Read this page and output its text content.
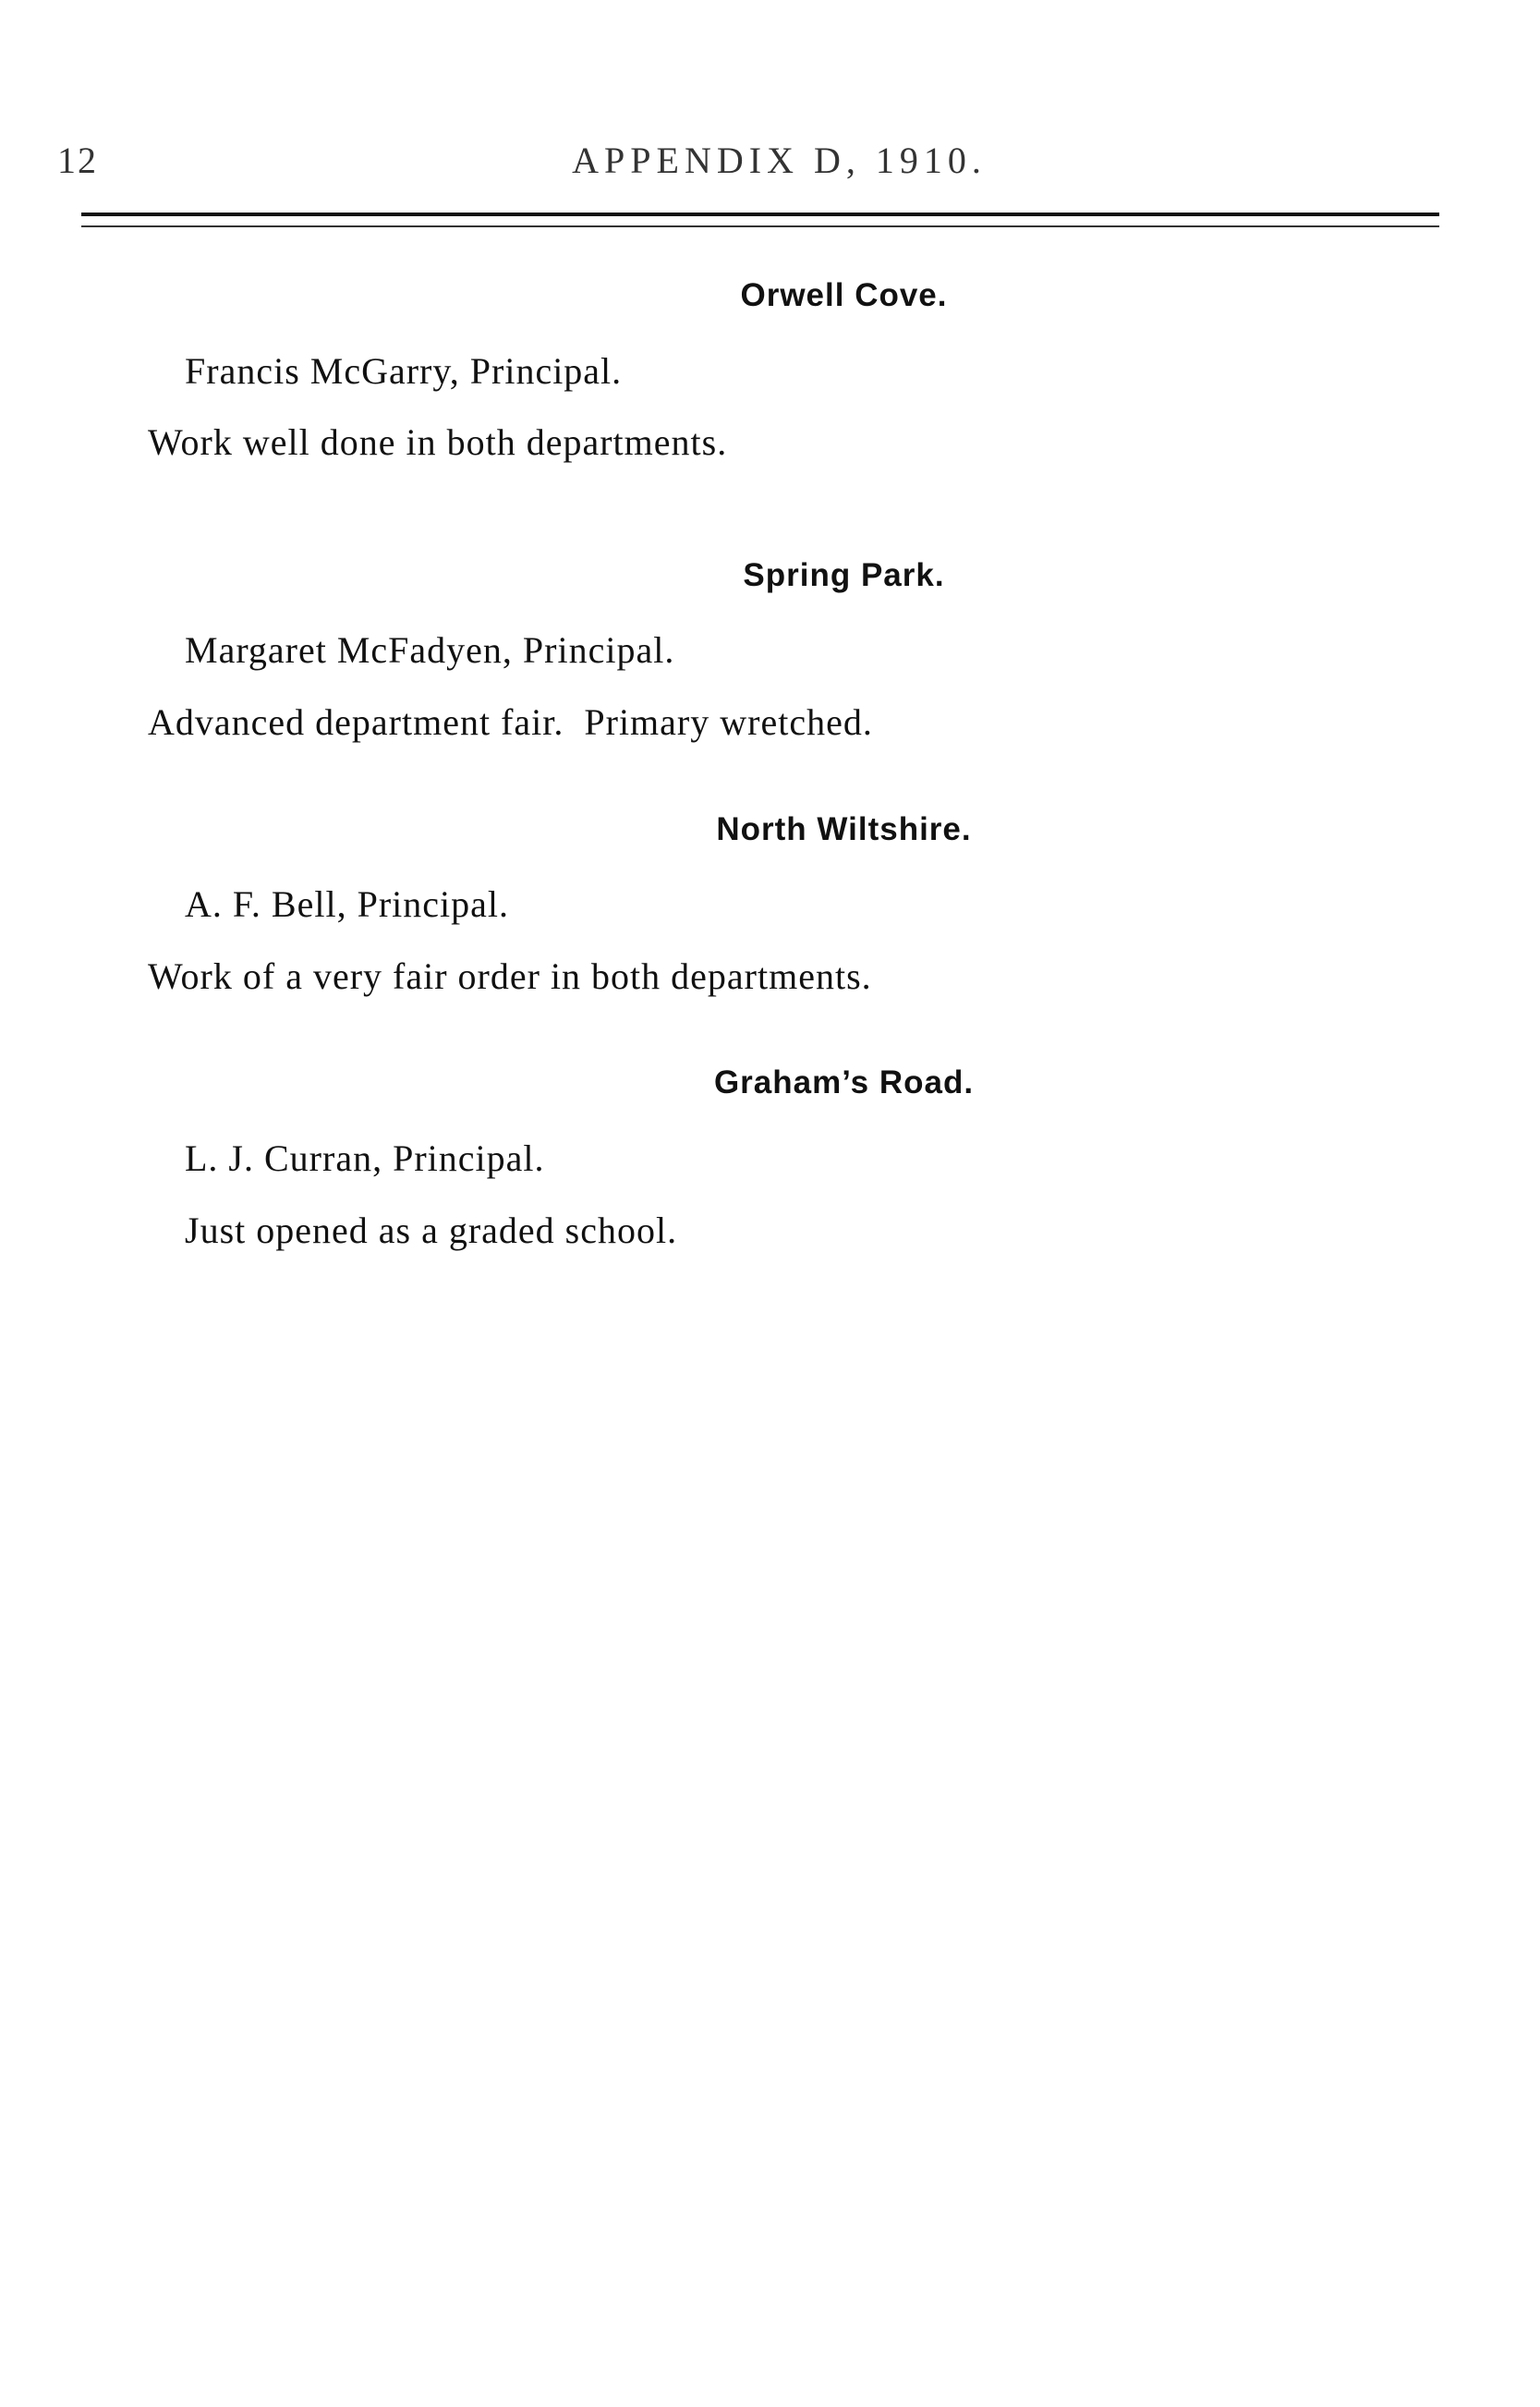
12	APPENDIX D, 1910.
Orwell Cove.
Francis McGarry, Principal.
Work well done in both departments.
Spring Park.
Margaret McFadyen, Principal.
Advanced department fair.  Primary wretched.
North Wiltshire.
A. F. Bell, Principal.
Work of a very fair order in both departments.
Graham’s Road.
L. J. Curran, Principal.
Just opened as a graded school.
